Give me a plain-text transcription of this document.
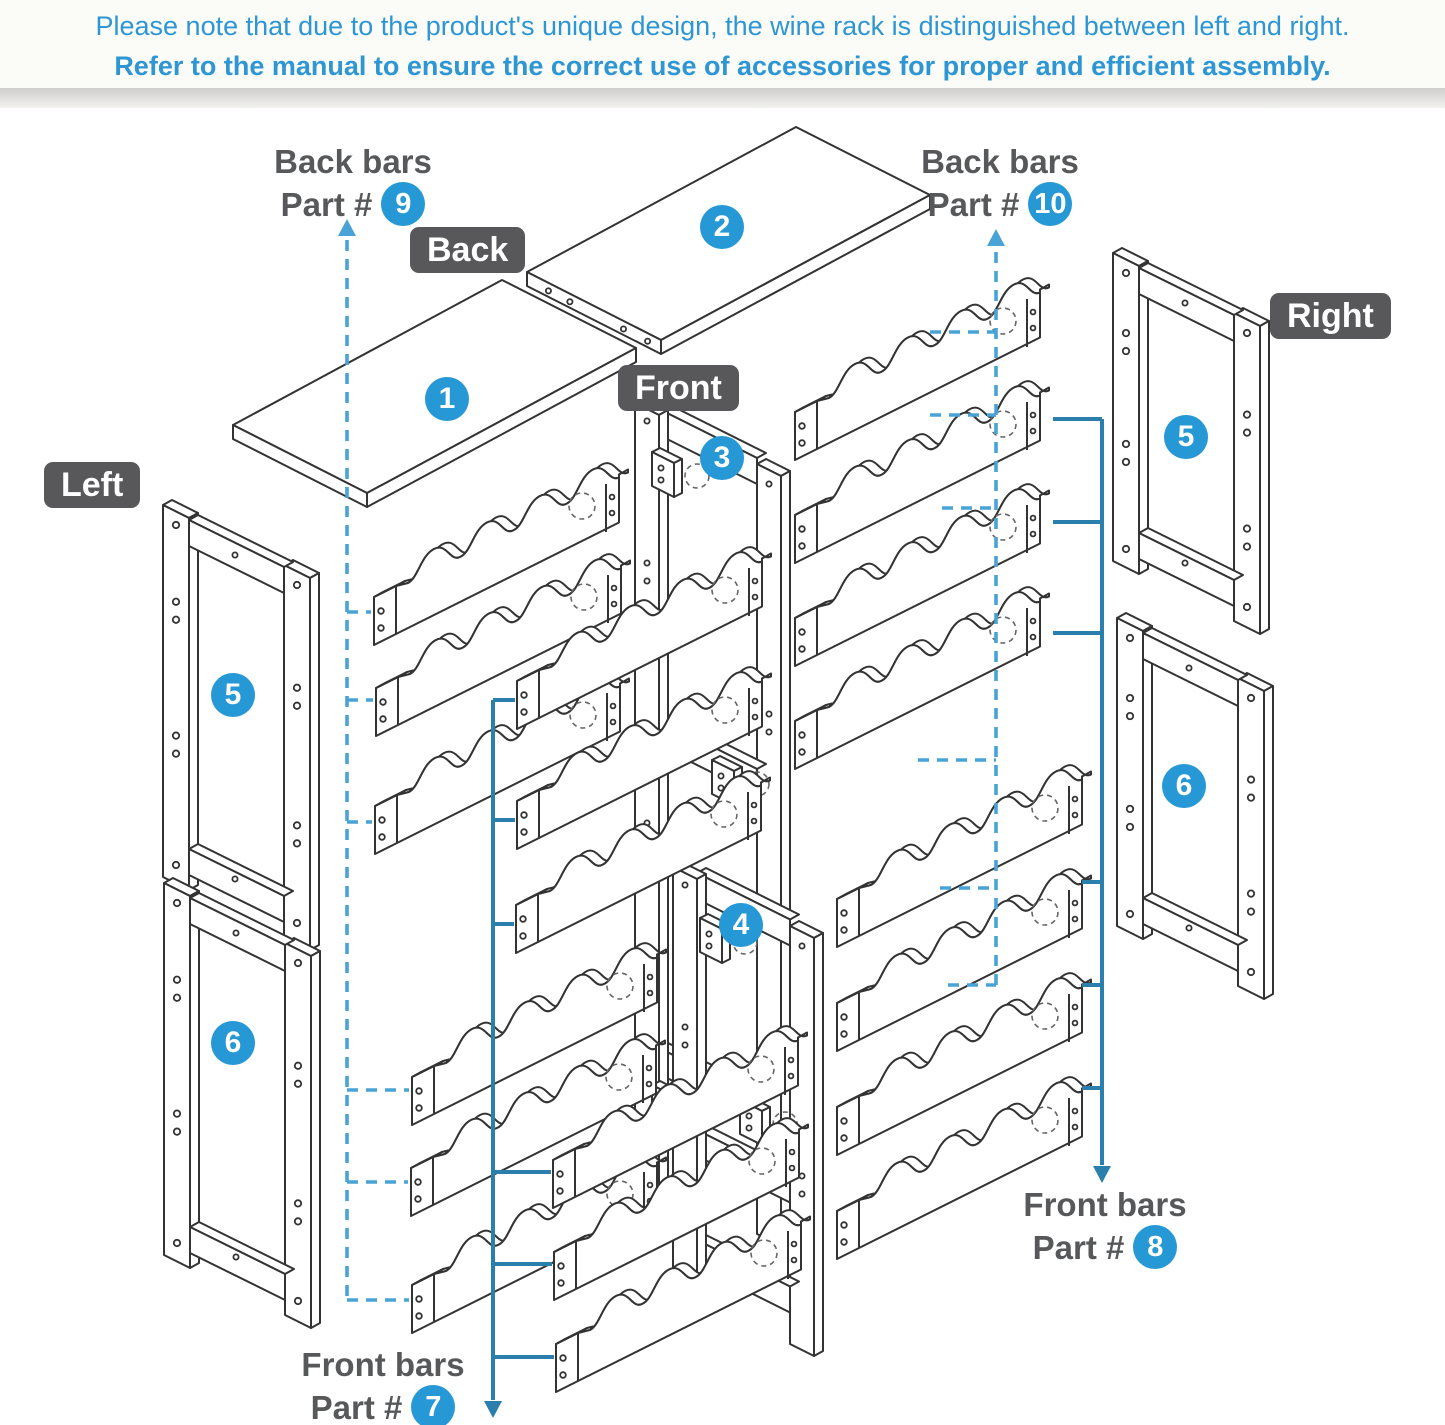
Please note that due to the product's unique design, the wine rack is distinguished between left and right.
Refer to the manual to ensure the correct use of accessories for proper and efficient assembly.
Back
Front
Left
Right
Back bars
Part # 9
Back bars
Part # 10
Front bars
Part # 8
Front bars
Part # 7
1
2
3
4
5
6
5
6
